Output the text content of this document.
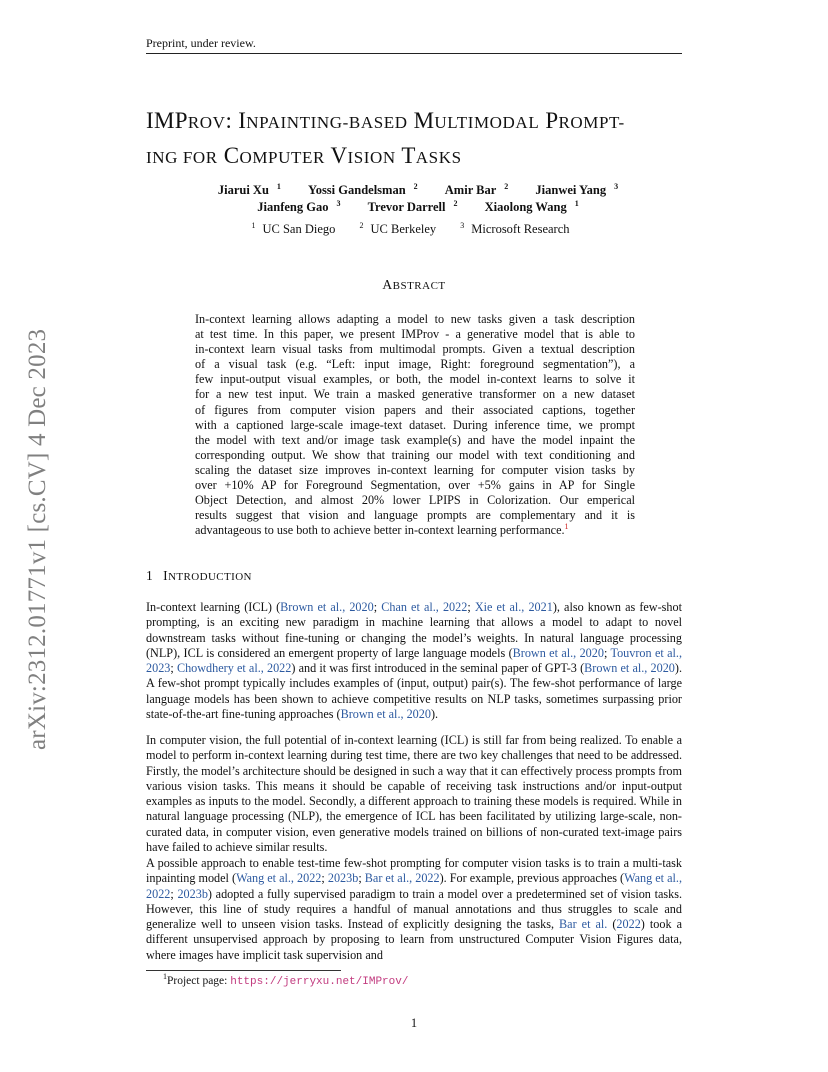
Preprint, under review.
arXiv:2312.01771v1 [cs.CV] 4 Dec 2023
IMPROV: INPAINTING-BASED MULTIMODAL PROMPT-
ING FOR COMPUTER VISION TASKS
Jiarui Xu $^1$ Yossi Gandelsman $^2$ Amir Bar $^2$ Jianwei Yang $^3$
Jianfeng Gao $^3$ Trevor Darrell $^2$ Xiaolong Wang $^1$
$^1$ UC San Diego	$^2$ UC Berkeley	$^3$ Microsoft Research
ABSTRACT
In-context learning allows adapting a model to new tasks given a task description
at test time. In this paper, we present IMProv - a generative model that is able to
in-context learn visual tasks from multimodal prompts. Given a textual description
of a visual task (e.g. “Left: input image, Right: foreground segmentation”), a
few input-output visual examples, or both, the model in-context learns to solve it
for a new test input. We train a masked generative transformer on a new dataset
of figures from computer vision papers and their associated captions, together
with a captioned large-scale image-text dataset. During inference time, we prompt
the model with text and/or image task example(s) and have the model inpaint the
corresponding output. We show that training our model with text conditioning and
scaling the dataset size improves in-context learning for computer vision tasks by
over +10% AP for Foreground Segmentation, over +5% gains in AP for Single
Object Detection, and almost 20% lower LPIPS in Colorization. Our emperical
results suggest that vision and language prompts are complementary and it is
advantageous to use both to achieve better in-context learning performance.$^1$
1 INTRODUCTION
In-context learning (ICL) (Brown et al., 2020; Chan et al., 2022; Xie et al., 2021), also known as few-shot prompting, is an exciting new paradigm in machine learning that allows a model to adapt to novel downstream tasks without fine-tuning or changing the model’s weights. In natural language processing (NLP), ICL is considered an emergent property of large language models (Brown et al., 2020; Touvron et al., 2023; Chowdhery et al., 2022) and it was first introduced in the seminal paper of GPT-3 (Brown et al., 2020). A few-shot prompt typically includes examples of (input, output) pair(s). The few-shot performance of large language models has been shown to achieve competitive results on NLP tasks, sometimes surpassing prior state-of-the-art fine-tuning approaches (Brown et al., 2020).
In computer vision, the full potential of in-context learning (ICL) is still far from being realized. To enable a model to perform in-context learning during test time, there are two key challenges that need to be addressed. Firstly, the model’s architecture should be designed in such a way that it can effectively process prompts from various vision tasks. This means it should be capable of receiving task instructions and/or input-output examples as inputs to the model. Secondly, a different approach to training these models is required. While in natural language processing (NLP), the emergence of ICL has been facilitated by utilizing large-scale, non-curated data, in computer vision, even generative models trained on billions of non-curated text-image pairs have failed to achieve similar results.
A possible approach to enable test-time few-shot prompting for computer vision tasks is to train a multi-task inpainting model (Wang et al., 2022; 2023b; Bar et al., 2022). For example, previous approaches (Wang et al., 2022; 2023b) adopted a fully supervised paradigm to train a model over a predetermined set of vision tasks. However, this line of study requires a handful of manual annotations and thus struggles to scale and generalize well to unseen vision tasks. Instead of explicitly designing the tasks, Bar et al. (2022) took a different unsupervised approach by proposing to learn from unstructured Computer Vision Figures data, where images have implicit task supervision and
$^1$Project page: https://jerryxu.net/IMProv/
1
